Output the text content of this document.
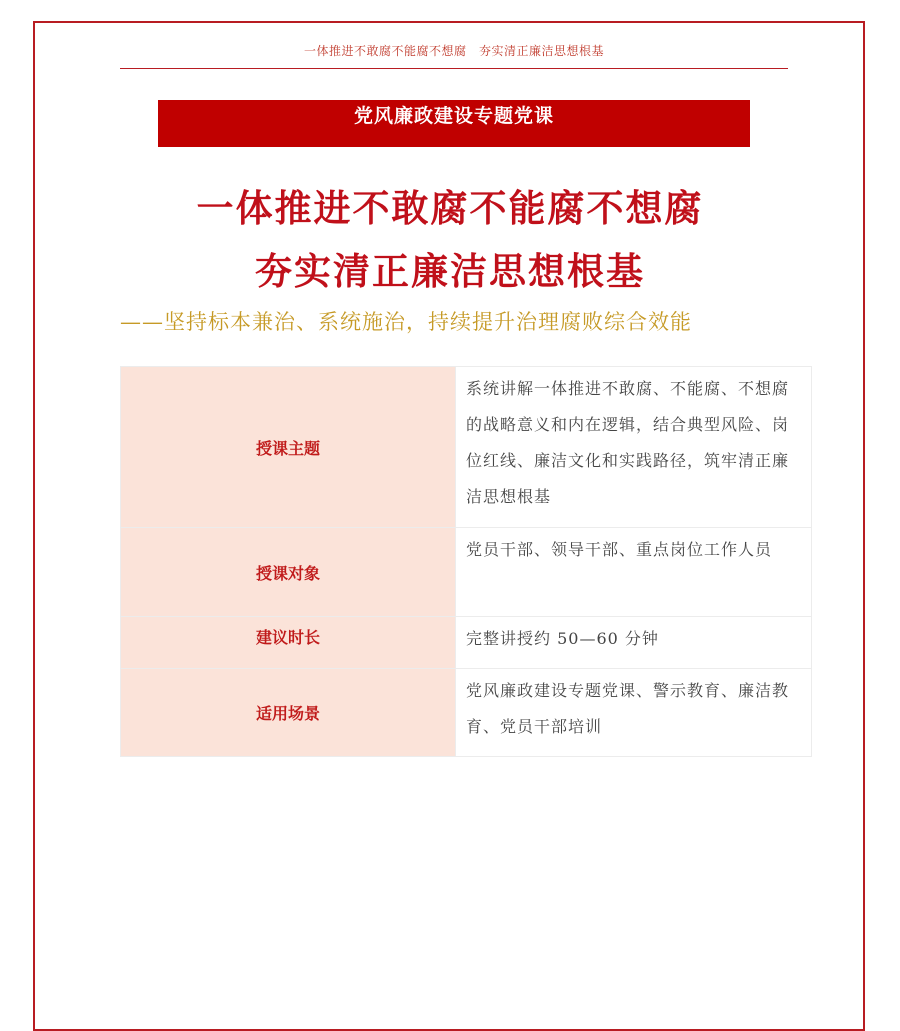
一体推进不敢腐不能腐不想腐　夯实清正廉洁思想根基
党风廉政建设专题党课
一体推进不敢腐不能腐不想腐
夯实清正廉洁思想根基
——坚持标本兼治、系统施治，持续提升治理腐败综合效能
授课主题	系统讲解一体推进不敢腐、不能腐、不想腐的战略意义和内在逻辑，结合典型风险、岗位红线、廉洁文化和实践路径，筑牢清正廉洁思想根基
授课对象	党员干部、领导干部、重点岗位工作人员
建议时长	完整讲授约 50—60 分钟
适用场景	党风廉政建设专题党课、警示教育、廉洁教育、党员干部培训
